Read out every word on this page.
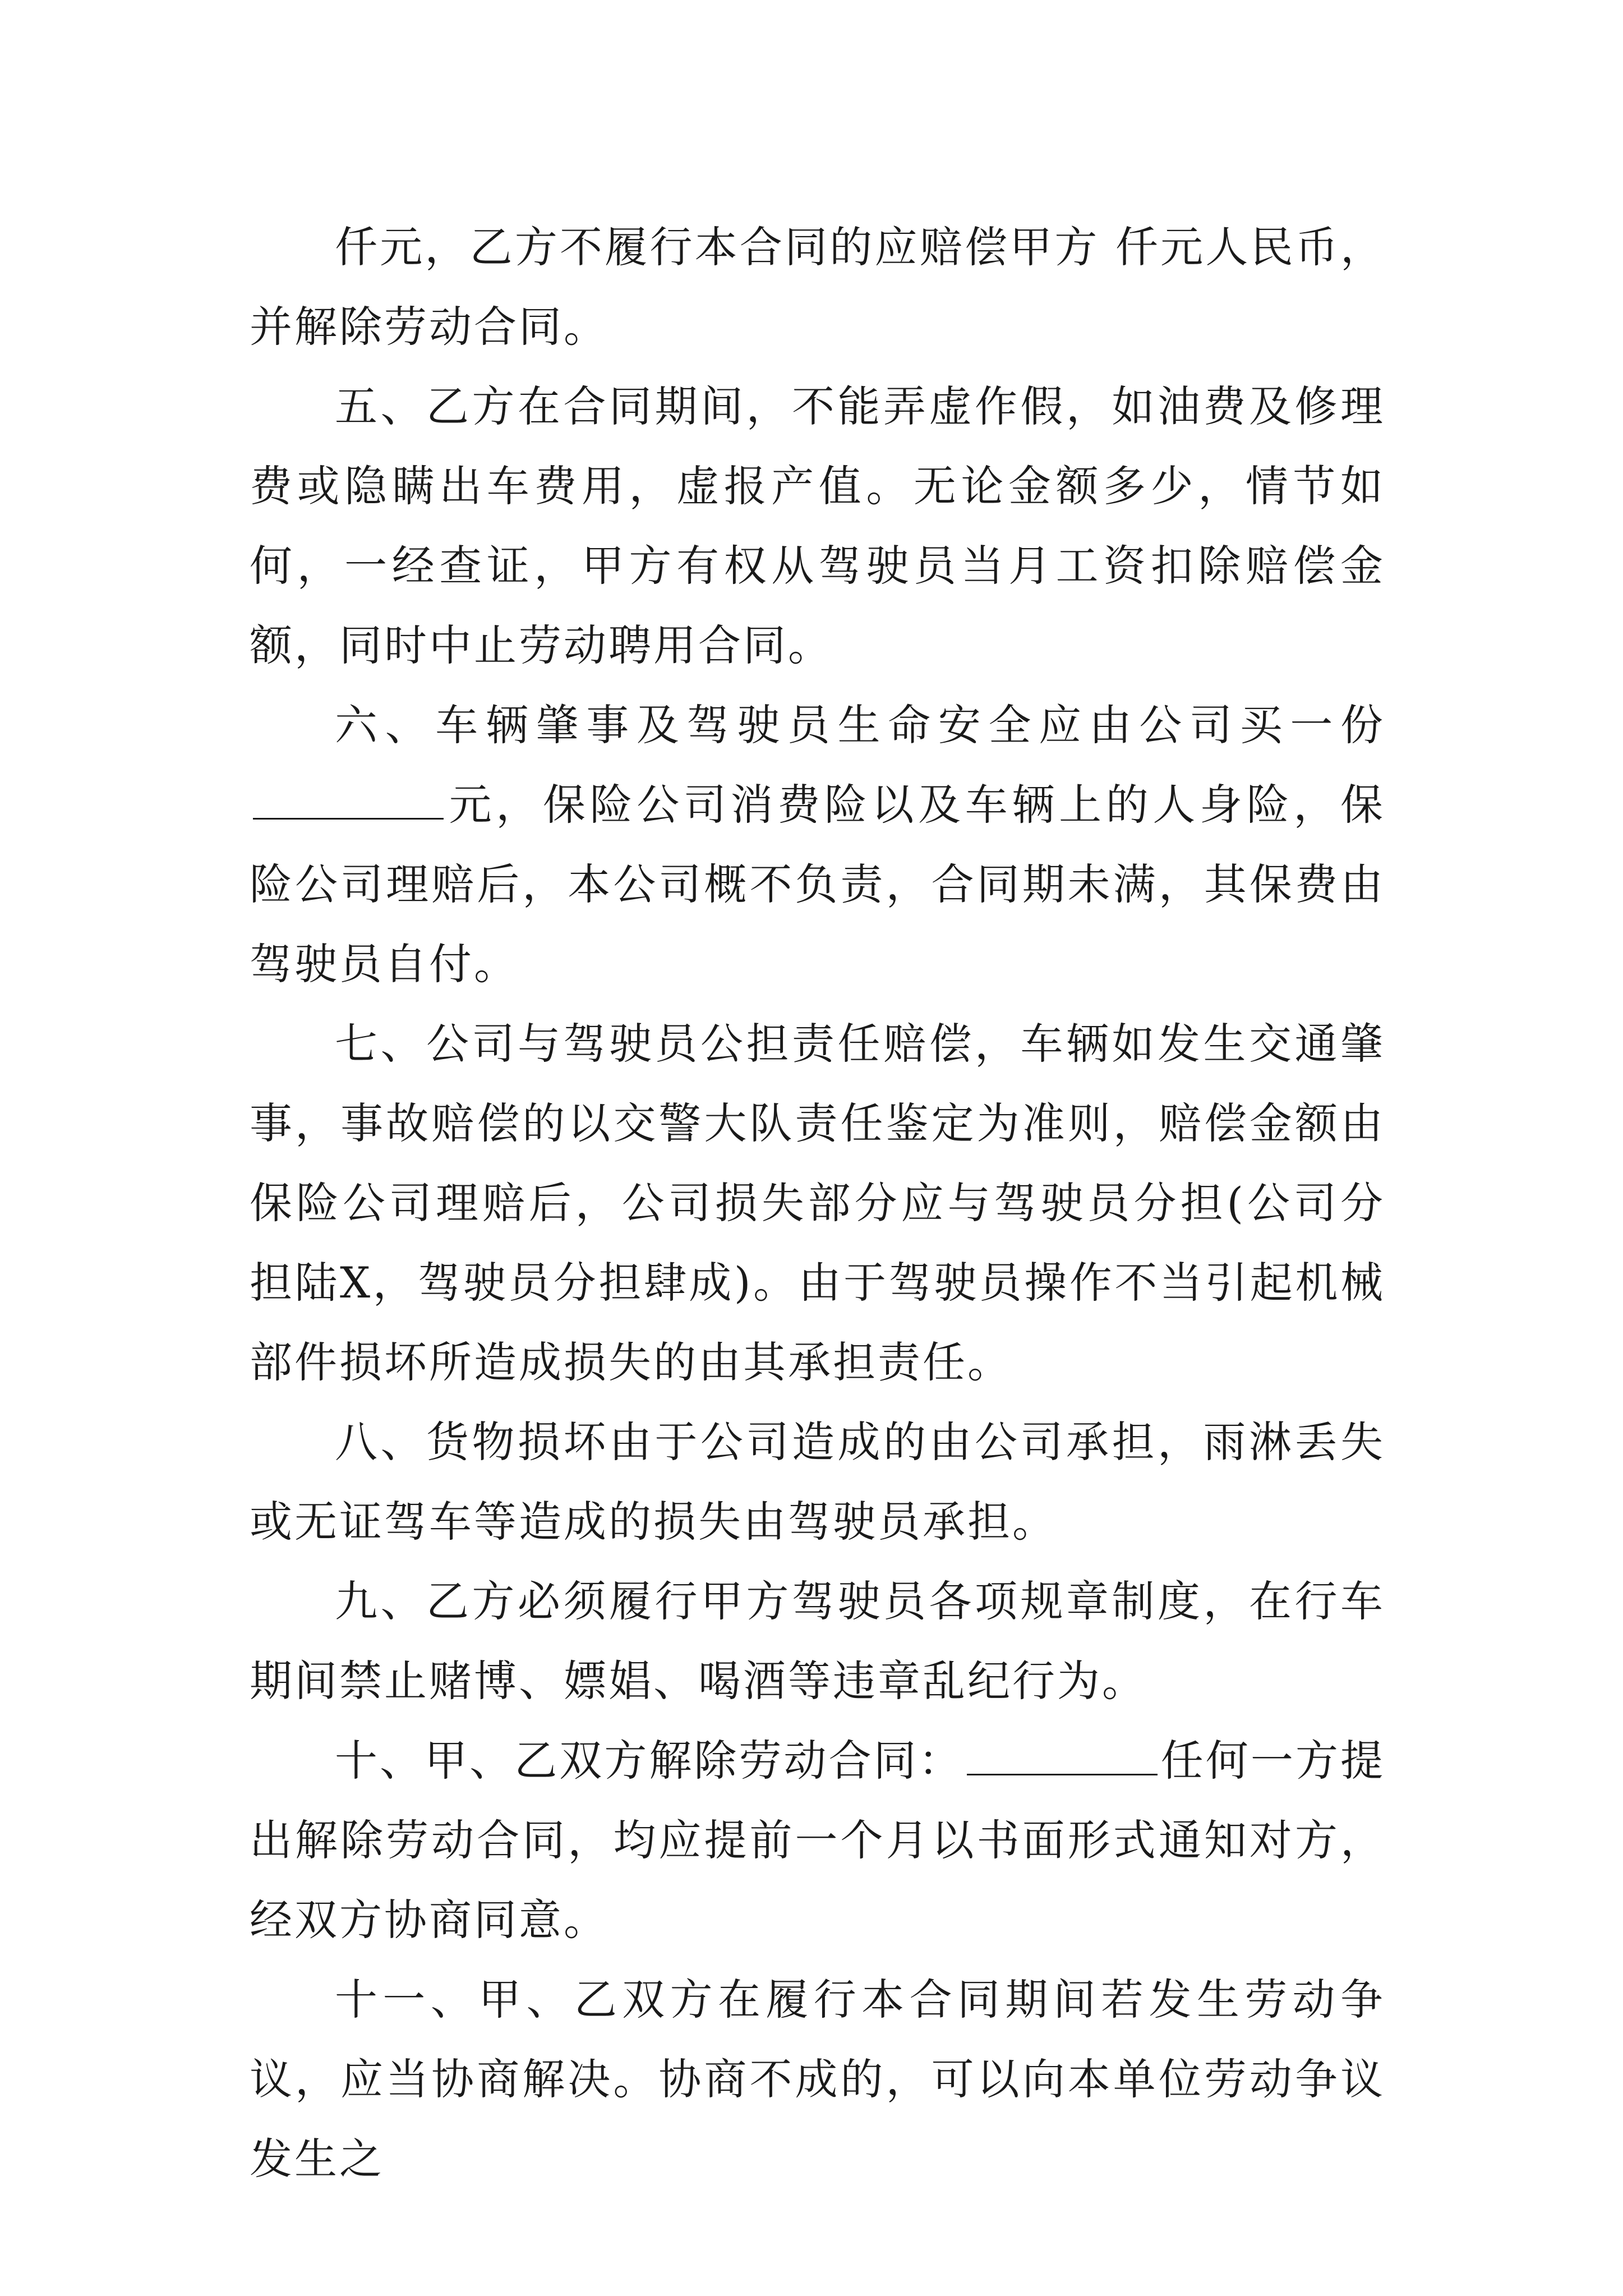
仟元，乙方不履行本合同的应赔偿甲方 仟元人民币，并解除劳动合同。

五、乙方在合同期间，不能弄虚作假，如油费及修理费或隐瞒出车费用，虚报产值。无论金额多少，情节如何，一经查证，甲方有权从驾驶员当月工资扣除赔偿金额，同时中止劳动聘用合同。

六、车辆肇事及驾驶员生命安全应由公司买一份元，保险公司消费险以及车辆上的人身险，保险公司理赔后，本公司概不负责，合同期未满，其保费由驾驶员自付。

七、公司与驾驶员公担责任赔偿，车辆如发生交通肇事，事故赔偿的以交警大队责任鉴定为准则，赔偿金额由保险公司理赔后，公司损失部分应与驾驶员分担(公司分担陆X，驾驶员分担肆成)。由于驾驶员操作不当引起机械部件损坏所造成损失的由其承担责任。

八、货物损坏由于公司造成的由公司承担，雨淋丢失或无证驾车等造成的损失由驾驶员承担。

九、乙方必须履行甲方驾驶员各项规章制度，在行车期间禁止赌博、嫖娼、喝酒等违章乱纪行为。

十、甲、乙双方解除劳动合同：	任何一方提出解除劳动合同，均应提前一个月以书面形式通知对方，经双方协商同意。

十一、甲、乙双方在履行本合同期间若发生劳动争议，应当协商解决。协商不成的，可以向本单位劳动争议发生之
